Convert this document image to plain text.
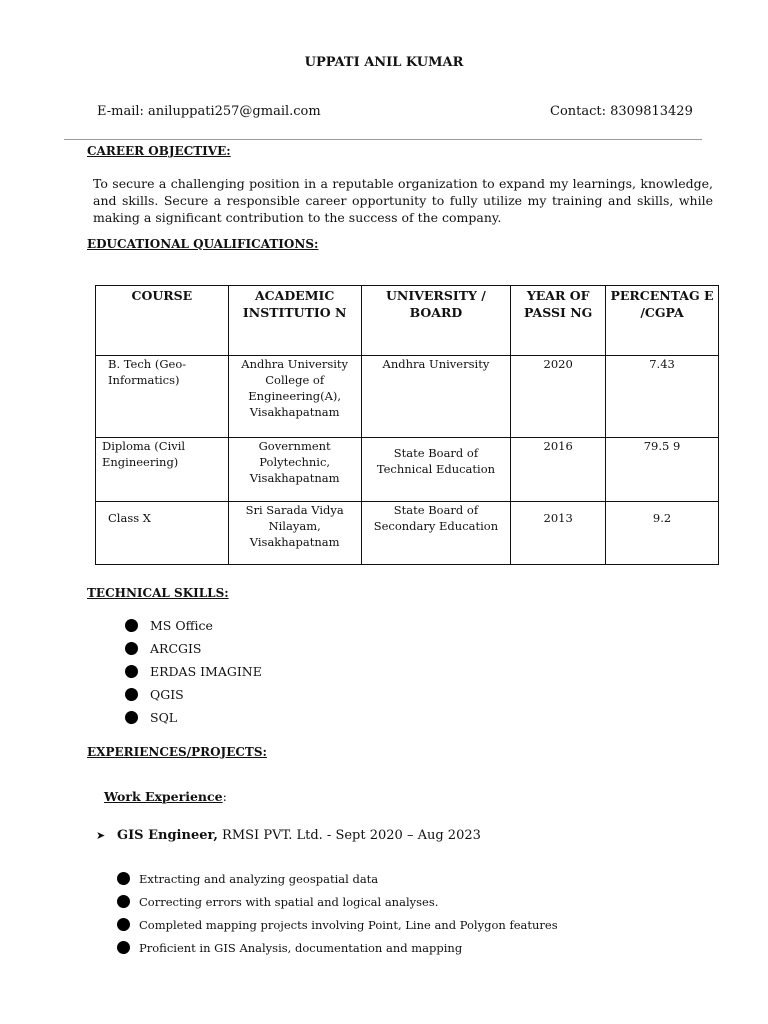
UPPATI ANIL KUMAR
E-mail: aniluppati257@gmail.com	Contact: 8309813429
CAREER OBJECTIVE:
To secure a challenging position in a reputable organization to expand my learnings, knowledge, and skills. Secure a responsible career opportunity to fully utilize my training and skills, while making a significant contribution to the success of the company.
EDUCATIONAL QUALIFICATIONS:
COURSE	ACADEMIC INSTITUTIO N	UNIVERSITY / BOARD	YEAR OF PASSI NG	PERCENTAG E /CGPA
B. Tech (Geo-Informatics)	Andhra University College of Engineering(A), Visakhapatnam	Andhra University	2020	7.43
Diploma (Civil Engineering)	Government Polytechnic, Visakhapatnam	State Board of Technical Education	2016	79.5 9
Class X	Sri Sarada Vidya Nilayam, Visakhapatnam	State Board of Secondary Education	2013	9.2
TECHNICAL SKILLS:
MS Office
ARCGIS
ERDAS IMAGINE
QGIS
SQL
EXPERIENCES/PROJECTS:
Work Experience:
➤ GIS Engineer, RMSI PVT. Ltd. - Sept 2020 – Aug 2023
Extracting and analyzing geospatial data
Correcting errors with spatial and logical analyses.
Completed mapping projects involving Point, Line and Polygon features
Proficient in GIS Analysis, documentation and mapping
